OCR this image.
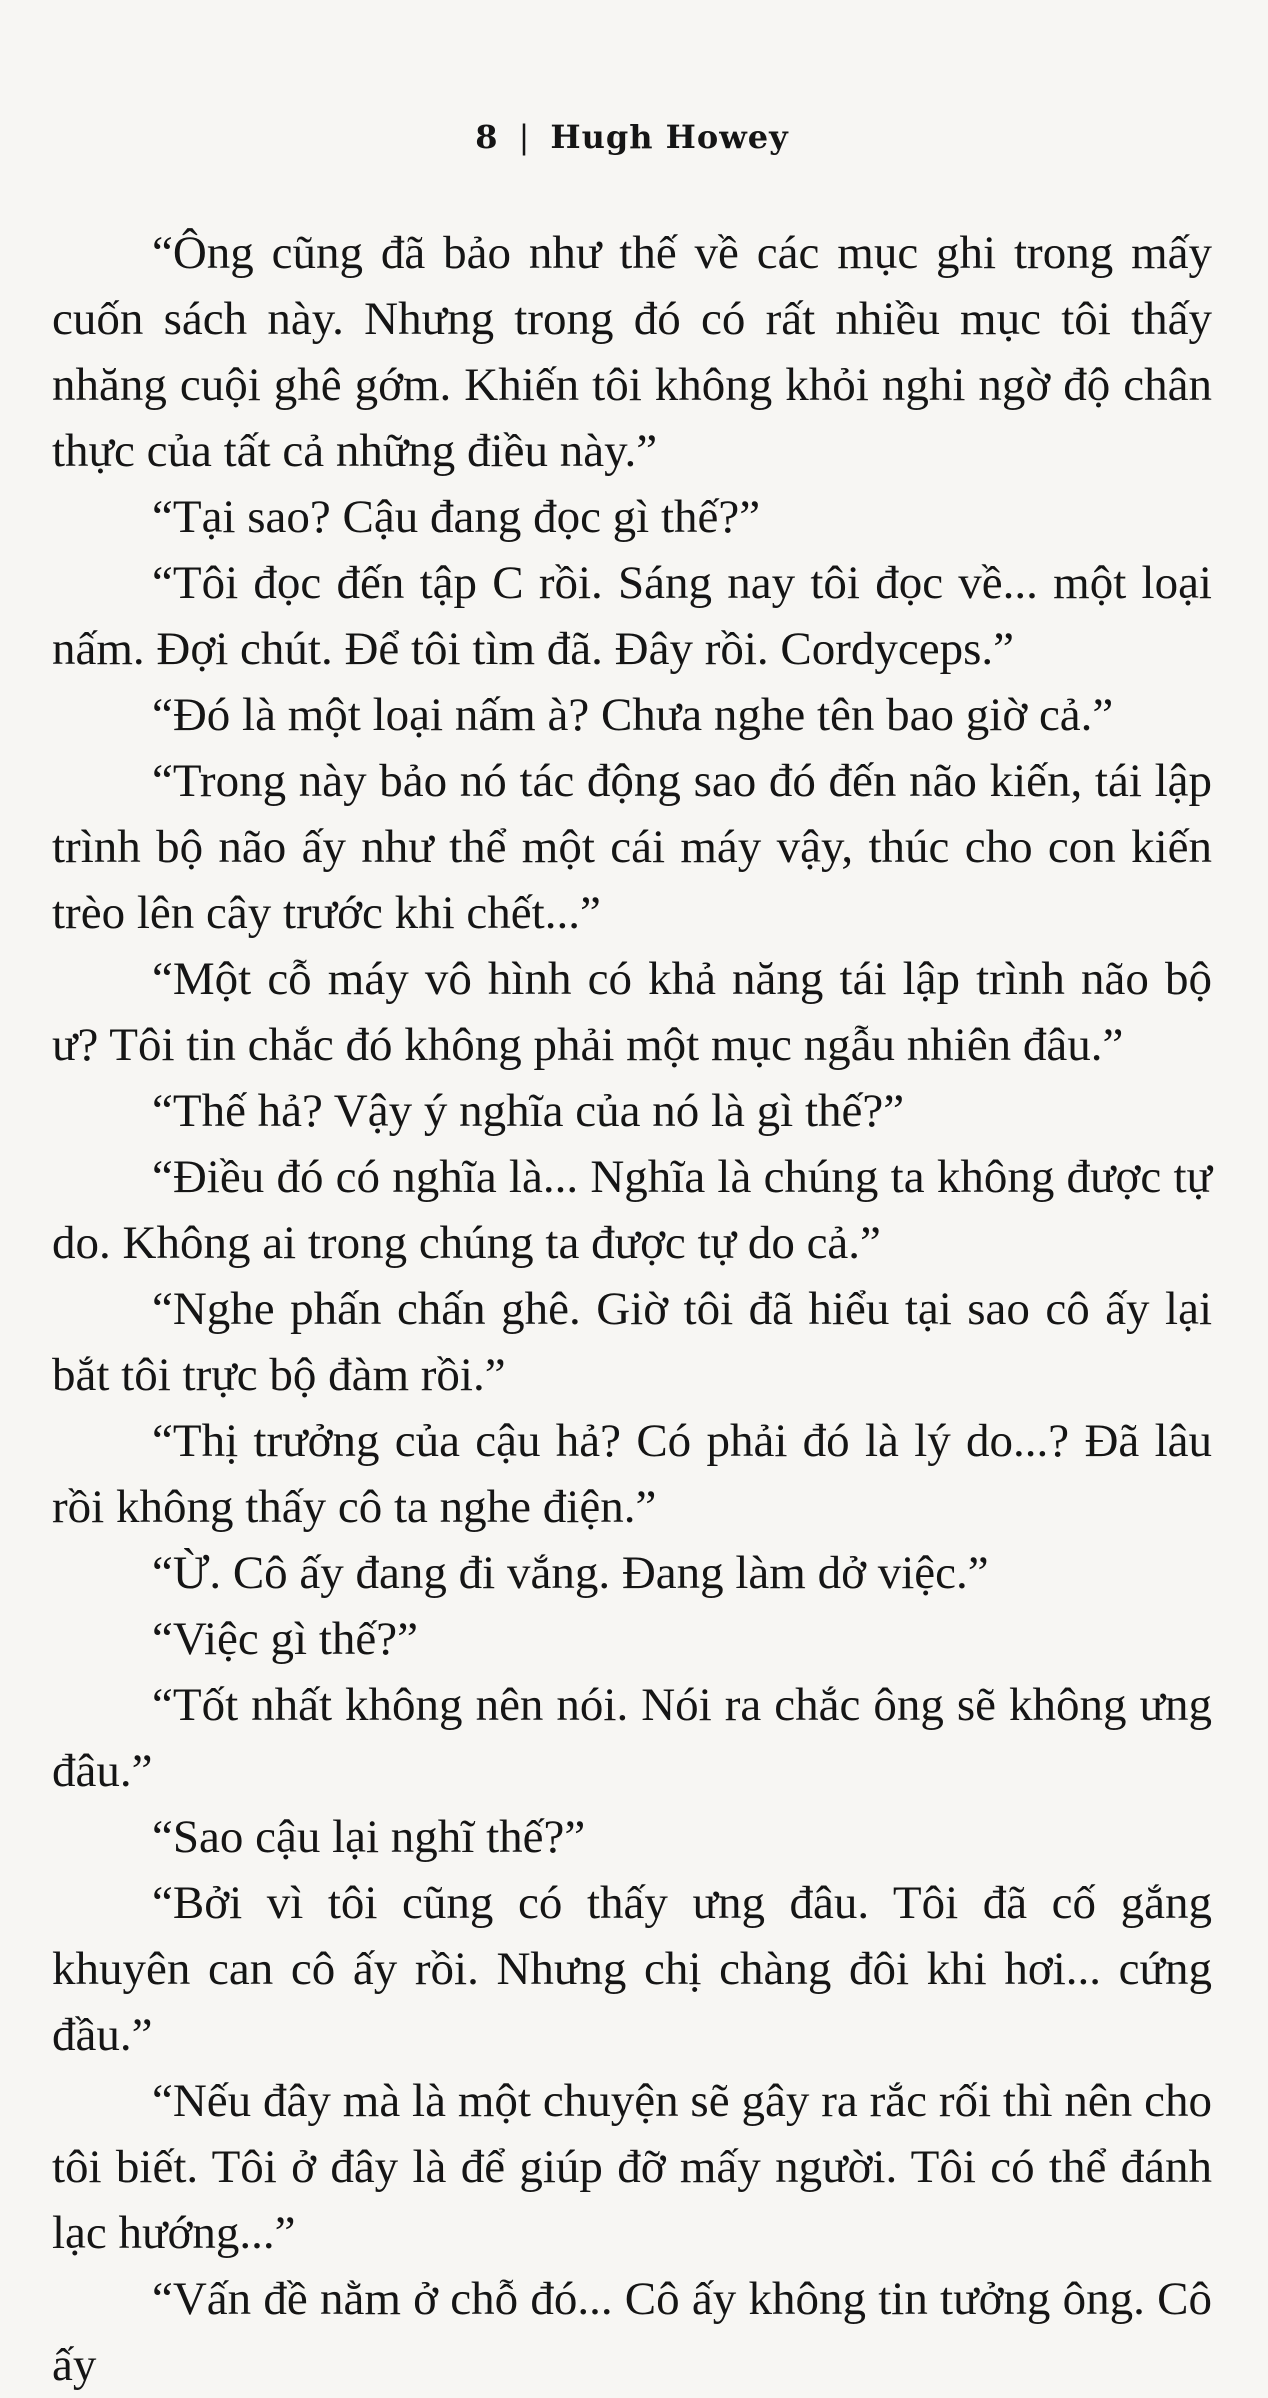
8 | Hugh Howey

“Ông cũng đã bảo như thế về các mục ghi trong mấy cuốn sách này. Nhưng trong đó có rất nhiều mục tôi thấy nhăng cuội ghê gớm. Khiến tôi không khỏi nghi ngờ độ chân thực của tất cả những điều này.”

“Tại sao? Cậu đang đọc gì thế?”

“Tôi đọc đến tập C rồi. Sáng nay tôi đọc về... một loại nấm. Đợi chút. Để tôi tìm đã. Đây rồi. Cordyceps.”

“Đó là một loại nấm à? Chưa nghe tên bao giờ cả.”

“Trong này bảo nó tác động sao đó đến não kiến, tái lập trình bộ não ấy như thể một cái máy vậy, thúc cho con kiến trèo lên cây trước khi chết...”

“Một cỗ máy vô hình có khả năng tái lập trình não bộ ư? Tôi tin chắc đó không phải một mục ngẫu nhiên đâu.”

“Thế hả? Vậy ý nghĩa của nó là gì thế?”

“Điều đó có nghĩa là... Nghĩa là chúng ta không được tự do. Không ai trong chúng ta được tự do cả.”

“Nghe phấn chấn ghê. Giờ tôi đã hiểu tại sao cô ấy lại bắt tôi trực bộ đàm rồi.”

“Thị trưởng của cậu hả? Có phải đó là lý do...? Đã lâu rồi không thấy cô ta nghe điện.”

“Ừ. Cô ấy đang đi vắng. Đang làm dở việc.”

“Việc gì thế?”

“Tốt nhất không nên nói. Nói ra chắc ông sẽ không ưng đâu.”

“Sao cậu lại nghĩ thế?”

“Bởi vì tôi cũng có thấy ưng đâu. Tôi đã cố gắng khuyên can cô ấy rồi. Nhưng chị chàng đôi khi hơi... cứng đầu.”

“Nếu đây mà là một chuyện sẽ gây ra rắc rối thì nên cho tôi biết. Tôi ở đây là để giúp đỡ mấy người. Tôi có thể đánh lạc hướng...”

“Vấn đề nằm ở chỗ đó... Cô ấy không tin tưởng ông. Cô ấy
